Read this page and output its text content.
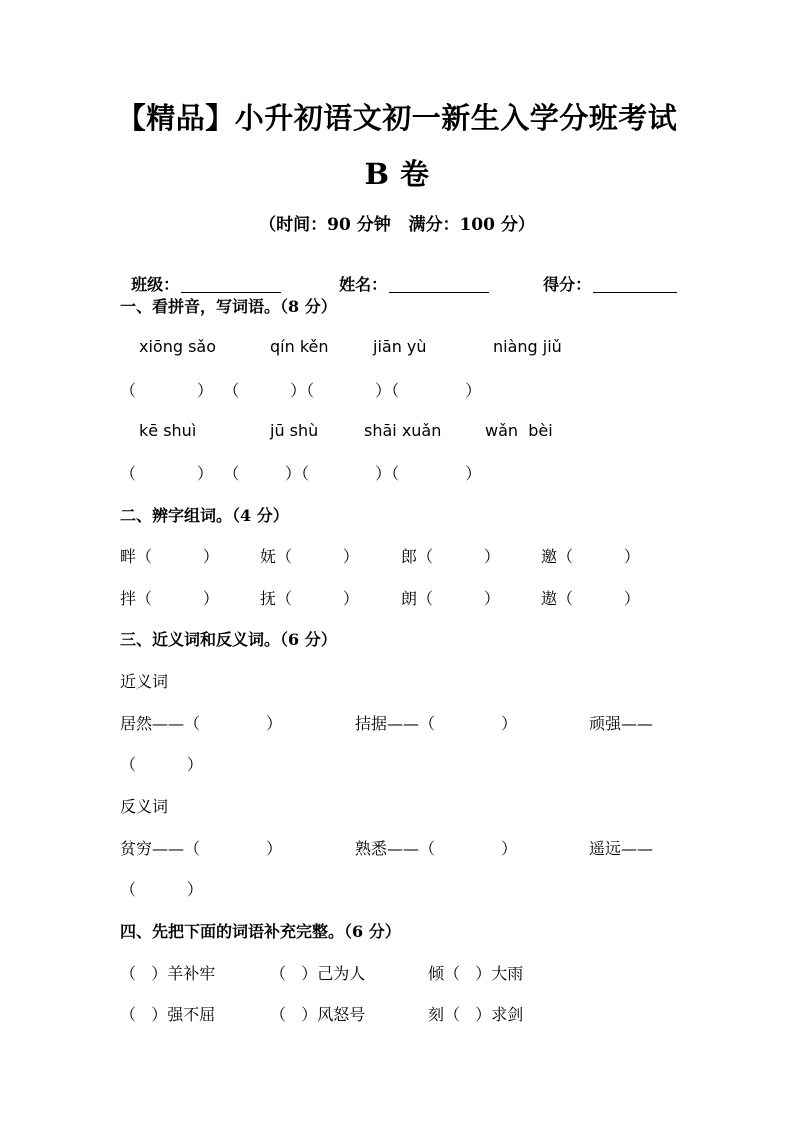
【精品】小升初语文初一新生入学分班考试
B 卷
（时间：90 分钟   满分：100 分）

班级：	姓名：	得分：

一、看拼音，写词语。（8 分）
xiōng sǎo	qín kěn	jiān yù	niàng jiǔ
（            ）  （          ）（            ）（             ）
kē shuì	jū shù	shāi xuǎn	wǎn  bèi
（            ）  （         ）（             ）（             ）
二、辨字组词。（4 分）
畔（          ）	妩（          ）	郎（          ）	邀（          ）
拌（          ）	抚（          ）	朗（          ）	遨（          ）
三、近义词和反义词。（6 分）
近义词
居然——（             ）	拮据——（             ）	顽强——
（          ）
反义词
贫穷——（             ）	熟悉——（             ）	遥远——
（          ）
四、先把下面的词语补充完整。（6 分）
（   ）羊补牢	（   ）己为人	倾（   ）大雨
（   ）强不屈	（   ）风怒号	刻（   ）求剑
